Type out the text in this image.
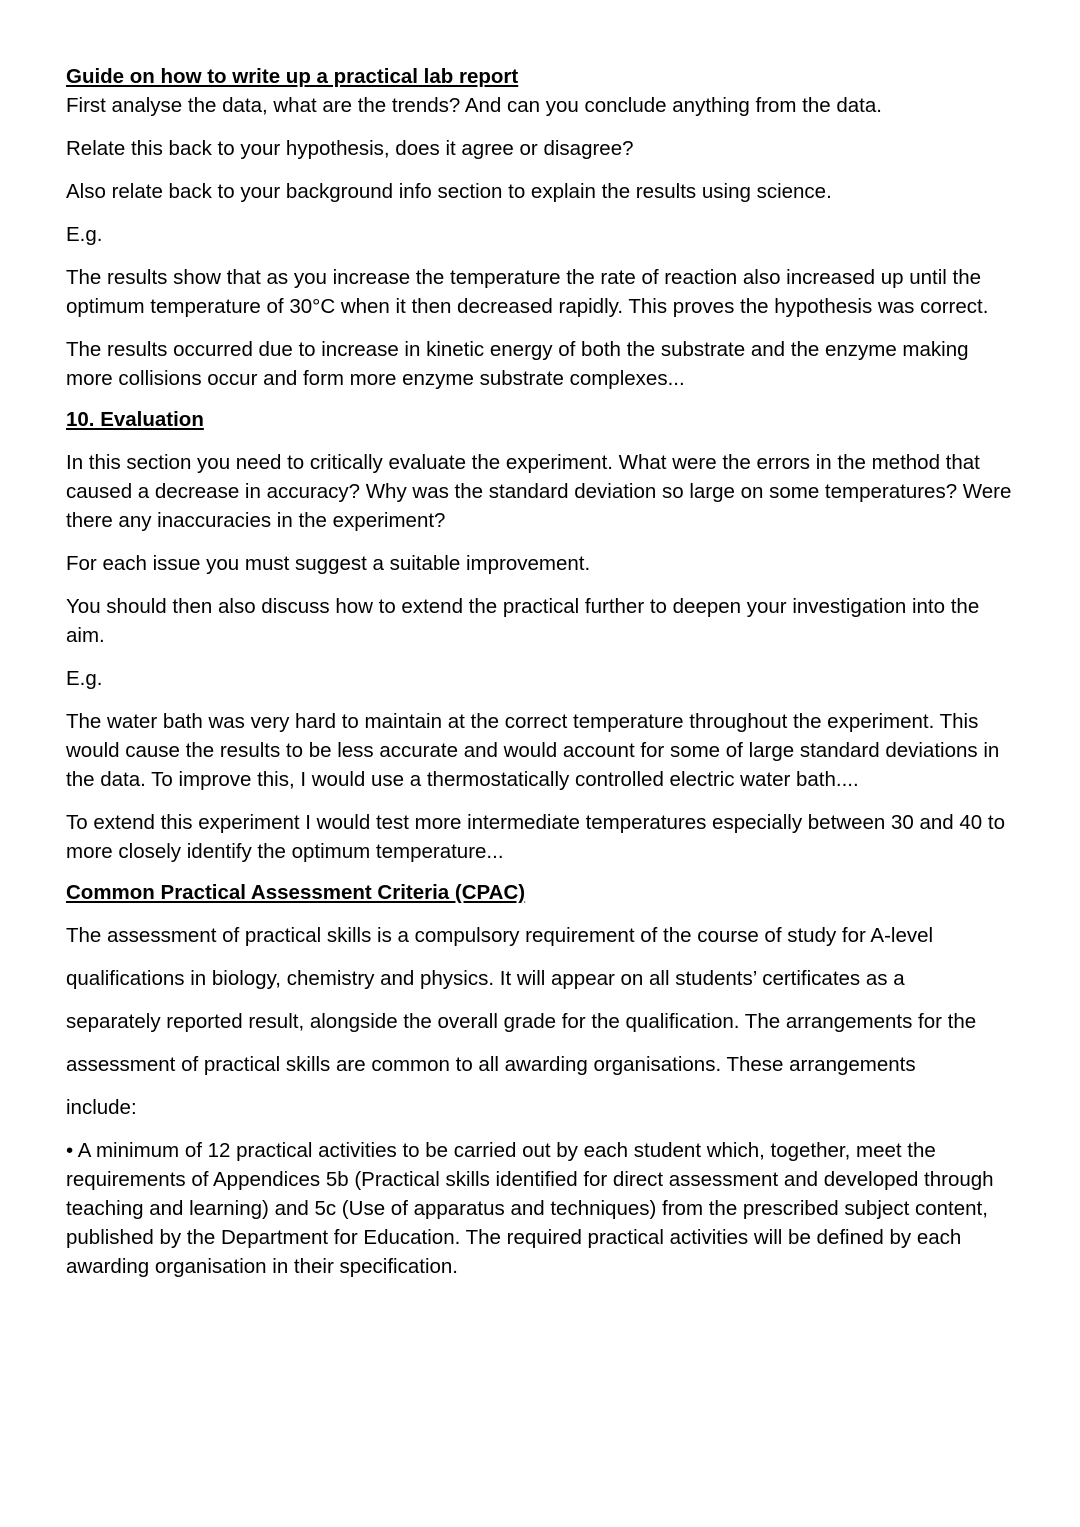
Guide on how to write up a practical lab report

First analyse the data, what are the trends? And can you conclude anything from the data.

Relate this back to your hypothesis, does it agree or disagree?

Also relate back to your background info section to explain the results using science.

E.g.

The results show that as you increase the temperature the rate of reaction also increased up until the optimum temperature of 30°C when it then decreased rapidly. This proves the hypothesis was correct.

The results occurred due to increase in kinetic energy of both the substrate and the enzyme making more collisions occur and form more enzyme substrate complexes...

10. Evaluation

In this section you need to critically evaluate the experiment. What were the errors in the method that caused a decrease in accuracy? Why was the standard deviation so large on some temperatures? Were there any inaccuracies in the experiment?

For each issue you must suggest a suitable improvement.

You should then also discuss how to extend the practical further to deepen your investigation into the aim.

E.g.

The water bath was very hard to maintain at the correct temperature throughout the experiment. This would cause the results to be less accurate and would account for some of large standard deviations in the data. To improve this, I would use a thermostatically controlled electric water bath....

To extend this experiment I would test more intermediate temperatures especially between 30 and 40 to more closely identify the optimum temperature...

Common Practical Assessment Criteria (CPAC)

The assessment of practical skills is a compulsory requirement of the course of study for A-level

qualifications in biology, chemistry and physics. It will appear on all students’ certificates as a

separately reported result, alongside the overall grade for the qualification. The arrangements for the

assessment of practical skills are common to all awarding organisations. These arrangements

include:

• A minimum of 12 practical activities to be carried out by each student which, together, meet the requirements of Appendices 5b (Practical skills identified for direct assessment and developed through teaching and learning) and 5c (Use of apparatus and techniques) from the prescribed subject content, published by the Department for Education. The required practical activities will be defined by each awarding organisation in their specification.
